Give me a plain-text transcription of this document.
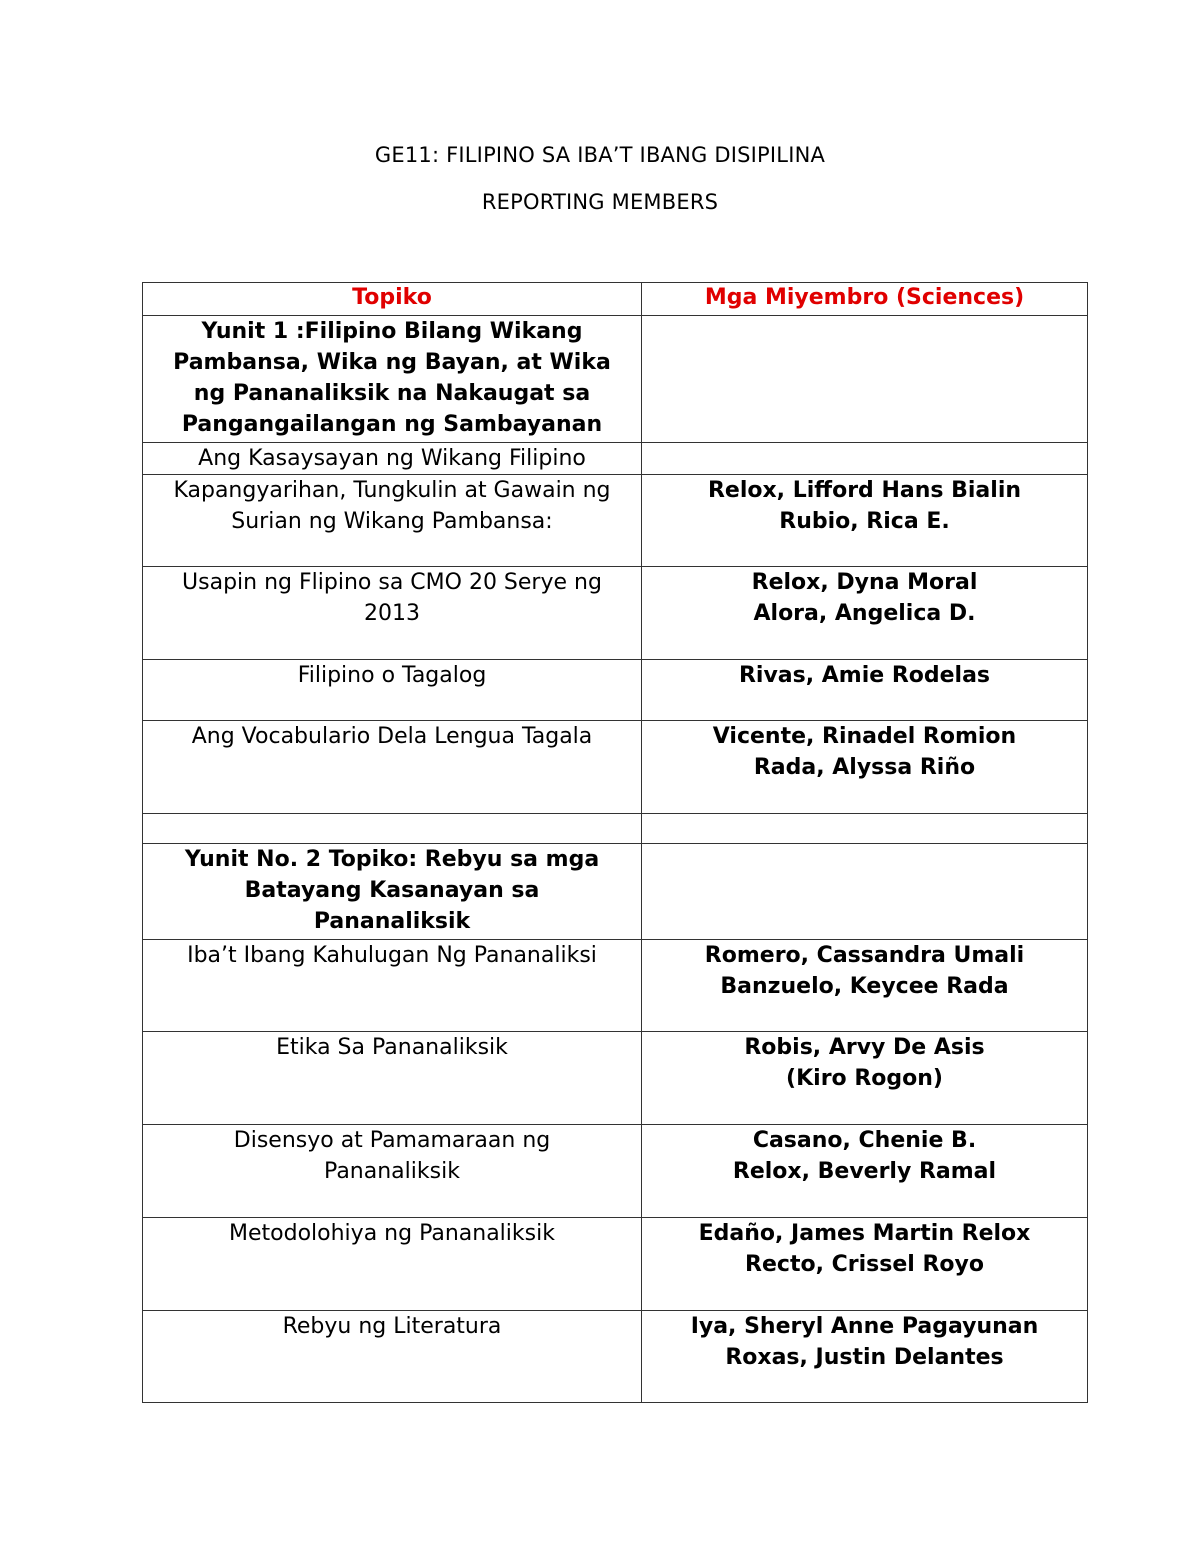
GE11: FILIPINO SA IBA’T IBANG DISIPILINA
REPORTING MEMBERS
Topiko	Mga Miyembro (Sciences)

Yunit 1 :Filipino Bilang Wikang
Pambansa, Wika ng Bayan, at Wika
ng Pananaliksik na Nakaugat sa
Pangangailangan ng Sambayanan	

Ang Kasaysayan ng Wikang Filipino	

Kapangyarihan, Tungkulin at Gawain ng
Surian ng Wikang Pambansa:	Relox, Lifford Hans Bialin
Rubio, Rica E.

Usapin ng Flipino sa CMO 20 Serye ng
2013	Relox, Dyna Moral
Alora, Angelica D.

Filipino o Tagalog	Rivas, Amie Rodelas

Ang Vocabulario Dela Lengua Tagala	Vicente, Rinadel Romion
Rada, Alyssa Riño

Yunit No. 2 Topiko: Rebyu sa mga
Batayang Kasanayan sa
Pananaliksik	

Iba’t Ibang Kahulugan Ng Pananaliksi	Romero, Cassandra Umali
Banzuelo, Keycee Rada

Etika Sa Pananaliksik	Robis, Arvy De Asis
(Kiro Rogon)

Disensyo at Pamamaraan ng
Pananaliksik	Casano, Chenie B.
Relox, Beverly Ramal

Metodolohiya ng Pananaliksik	Edaño, James Martin Relox
Recto, Crissel Royo

Rebyu ng Literatura	Iya, Sheryl Anne Pagayunan
Roxas, Justin Delantes
